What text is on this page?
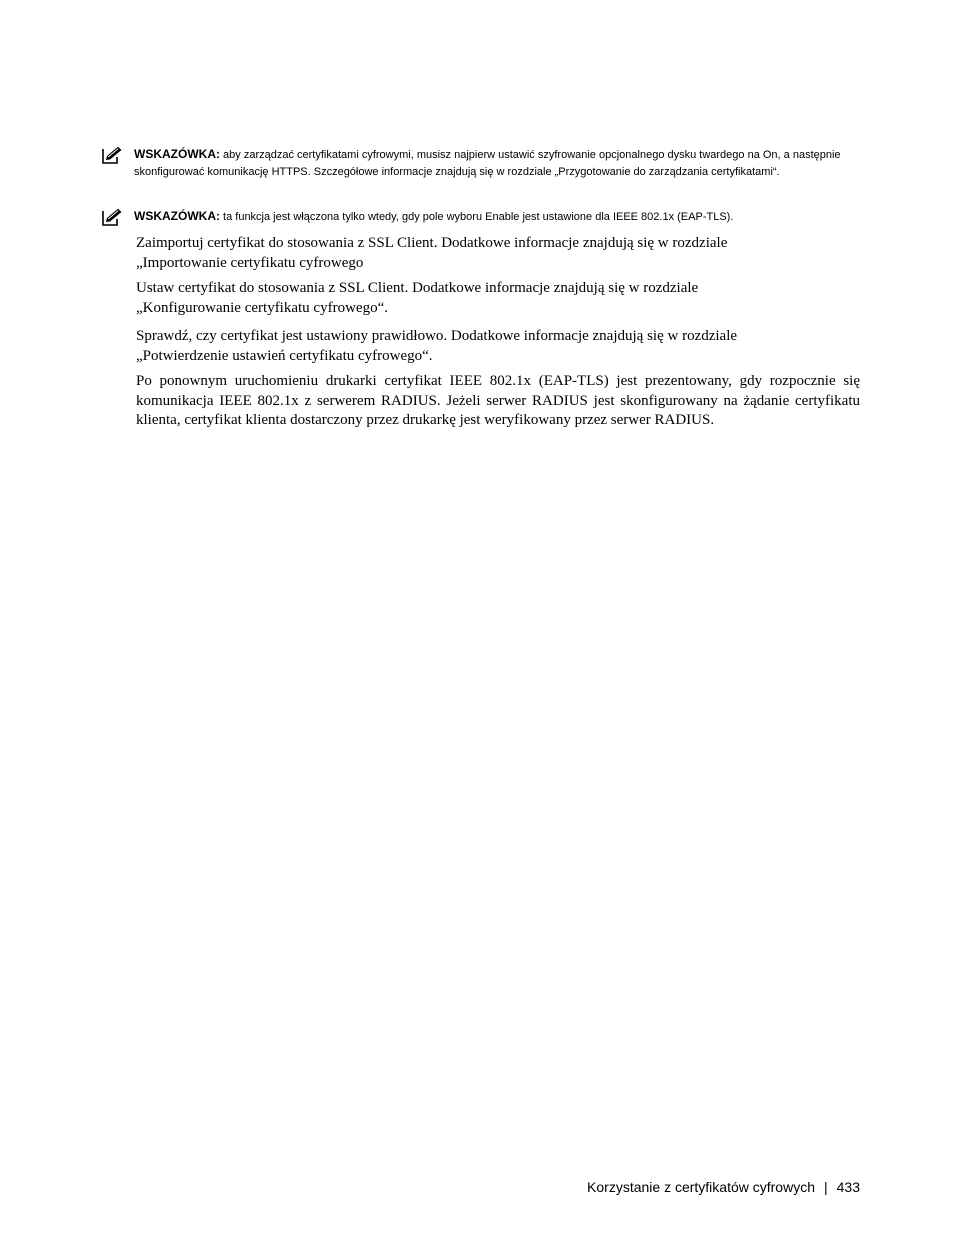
WSKAZÓWKA: aby zarządzać certyfikatami cyfrowymi, musisz najpierw ustawić szyfrowanie opcjonalnego dysku twardego na On, a następnie skonfigurować komunikację HTTPS. Szczegółowe informacje znajdują się w rozdziale „Przygotowanie do zarządzania certyfikatami“.
WSKAZÓWKA: ta funkcja jest włączona tylko wtedy, gdy pole wyboru Enable jest ustawione dla IEEE 802.1x (EAP-TLS).
Zaimportuj certyfikat do stosowania z SSL Client. Dodatkowe informacje znajdują się w rozdziale
„Importowanie certyfikatu cyfrowego
Ustaw certyfikat do stosowania z SSL Client. Dodatkowe informacje znajdują się w rozdziale
„Konfigurowanie certyfikatu cyfrowego“.
Sprawdź, czy certyfikat jest ustawiony prawidłowo. Dodatkowe informacje znajdują się w rozdziale
„Potwierdzenie ustawień certyfikatu cyfrowego“.
Po ponownym uruchomieniu drukarki certyfikat IEEE 802.1x (EAP-TLS) jest prezentowany, gdy rozpocznie się komunikacja IEEE 802.1x z serwerem RADIUS. Jeżeli serwer RADIUS jest skonfigurowany na żądanie certyfikatu klienta, certyfikat klienta dostarczony przez drukarkę jest weryfikowany przez serwer RADIUS.
Korzystanie z certyfikatów cyfrowych | 433
